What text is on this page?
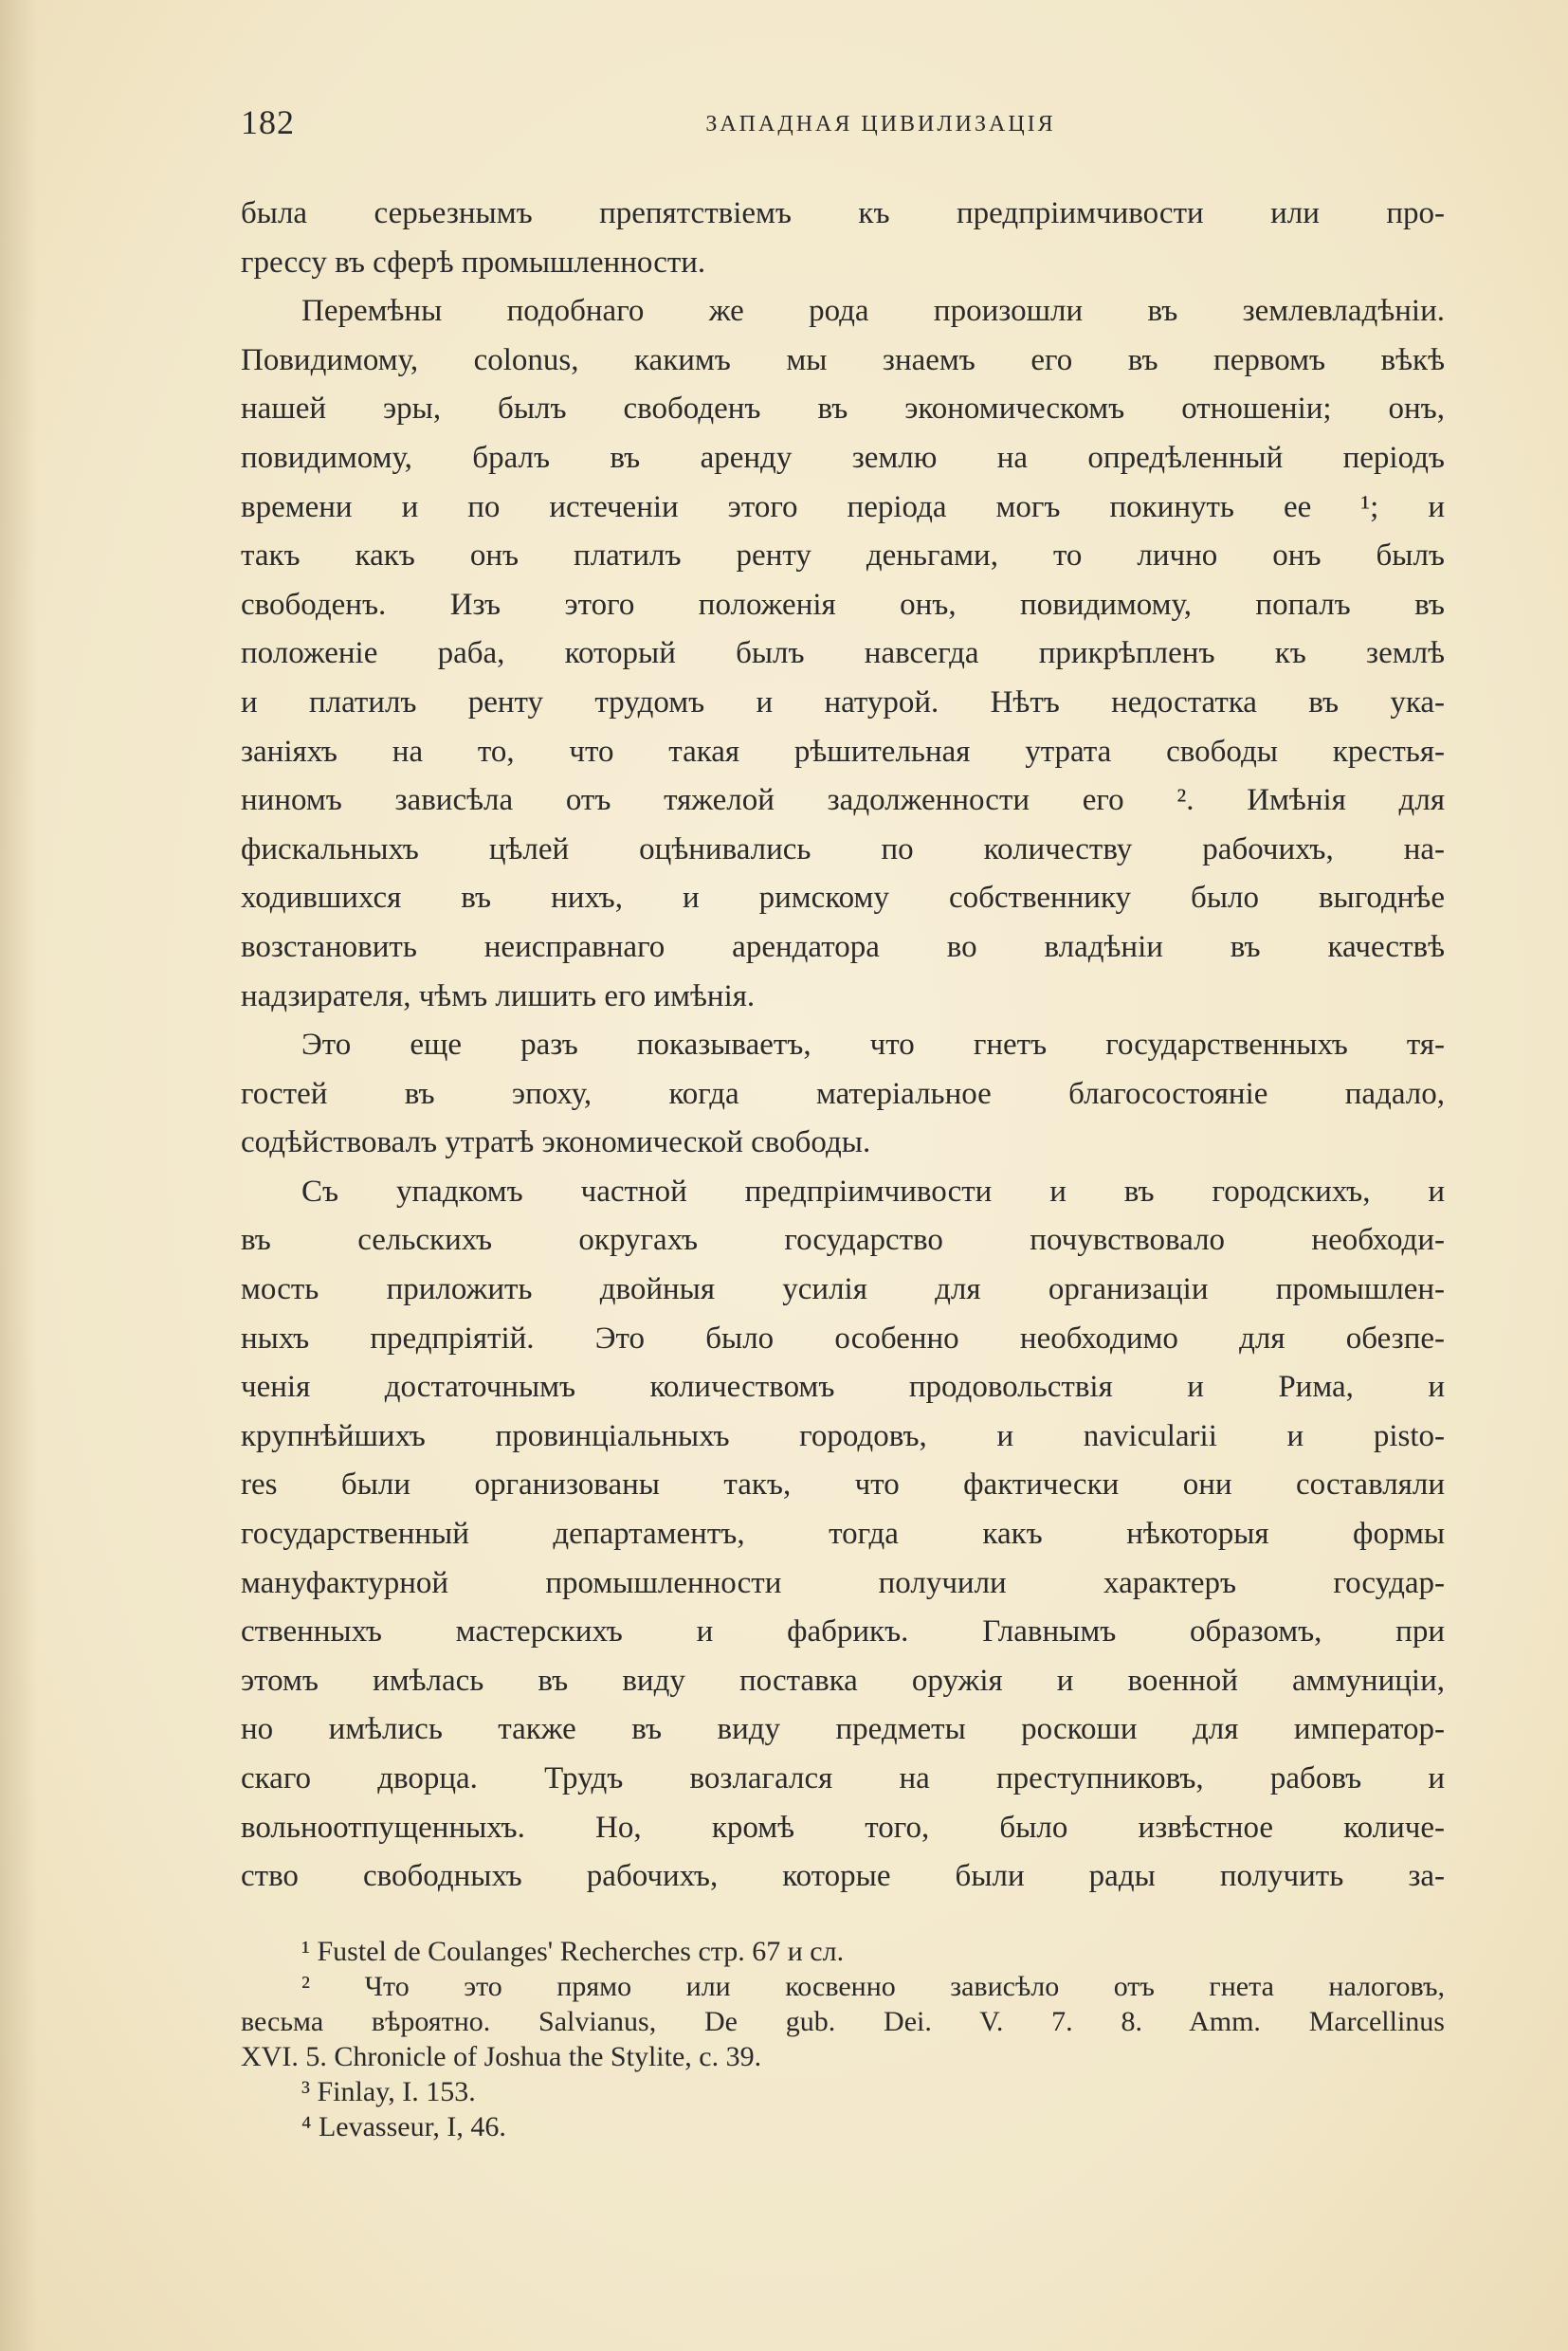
182	ЗАПАДНАЯ ЦИВИЛИЗАЦІЯ
была серьезнымъ препятствіемъ къ предпріимчивости или про-
грессу въ сферѣ промышленности.
Перемѣны подобнаго же рода произошли въ землевладѣніи.
Повидимому, colonus, какимъ мы знаемъ его въ первомъ вѣкѣ
нашей эры, былъ свободенъ въ экономическомъ отношеніи; онъ,
повидимому, бралъ въ аренду землю на опредѣленный періодъ
времени и по истеченіи этого періода могъ покинуть ее ¹; и
такъ какъ онъ платилъ ренту деньгами, то лично онъ былъ
свободенъ. Изъ этого положенія онъ, повидимому, попалъ въ
положеніе раба, который былъ навсегда прикрѣпленъ къ землѣ
и платилъ ренту трудомъ и натурой. Нѣтъ недостатка въ ука-
заніяхъ на то, что такая рѣшительная утрата свободы крестья-
ниномъ зависѣла отъ тяжелой задолженности его ². Имѣнія для
фискальныхъ цѣлей оцѣнивались по количеству рабочихъ, на-
ходившихся въ нихъ, и римскому собственнику было выгоднѣе
возстановить неисправнаго арендатора во владѣніи въ качествѣ
надзирателя, чѣмъ лишить его имѣнія.
Это еще разъ показываетъ, что гнетъ государственныхъ тя-
гостей въ эпоху, когда матеріальное благосостояніе падало,
содѣйствовалъ утратѣ экономической свободы.
Съ упадкомъ частной предпріимчивости и въ городскихъ, и
въ сельскихъ округахъ государство почувствовало необходи-
мость приложить двойныя усилія для организаціи промышлен-
ныхъ предпріятій. Это было особенно необходимо для обезпе-
ченія достаточнымъ количествомъ продовольствія и Рима, и
крупнѣйшихъ провинціальныхъ городовъ, и navicularii и pisto-
res были организованы такъ, что фактически они составляли
государственный департаментъ, тогда какъ нѣкоторыя формы
мануфактурной промышленности получили характеръ государ-
ственныхъ мастерскихъ и фабрикъ. Главнымъ образомъ, при
этомъ имѣлась въ виду поставка оружія и военной аммуниціи,
но имѣлись также въ виду предметы роскоши для император-
скаго дворца. Трудъ возлагался на преступниковъ, рабовъ и
вольноотпущенныхъ. Но, кромѣ того, было извѣстное количе-
ство свободныхъ рабочихъ, которые были рады получить за-
¹ Fustel de Coulanges' Recherches стр. 67 и сл.
² Что это прямо или косвенно зависѣло отъ гнета налоговъ,
весьма вѣроятно. Salvianus, De gub. Dei. V. 7. 8. Amm. Marcellinus
XVI. 5. Chronicle of Joshua the Stylite, c. 39.
³ Finlay, I. 153.
⁴ Levasseur, I, 46.
